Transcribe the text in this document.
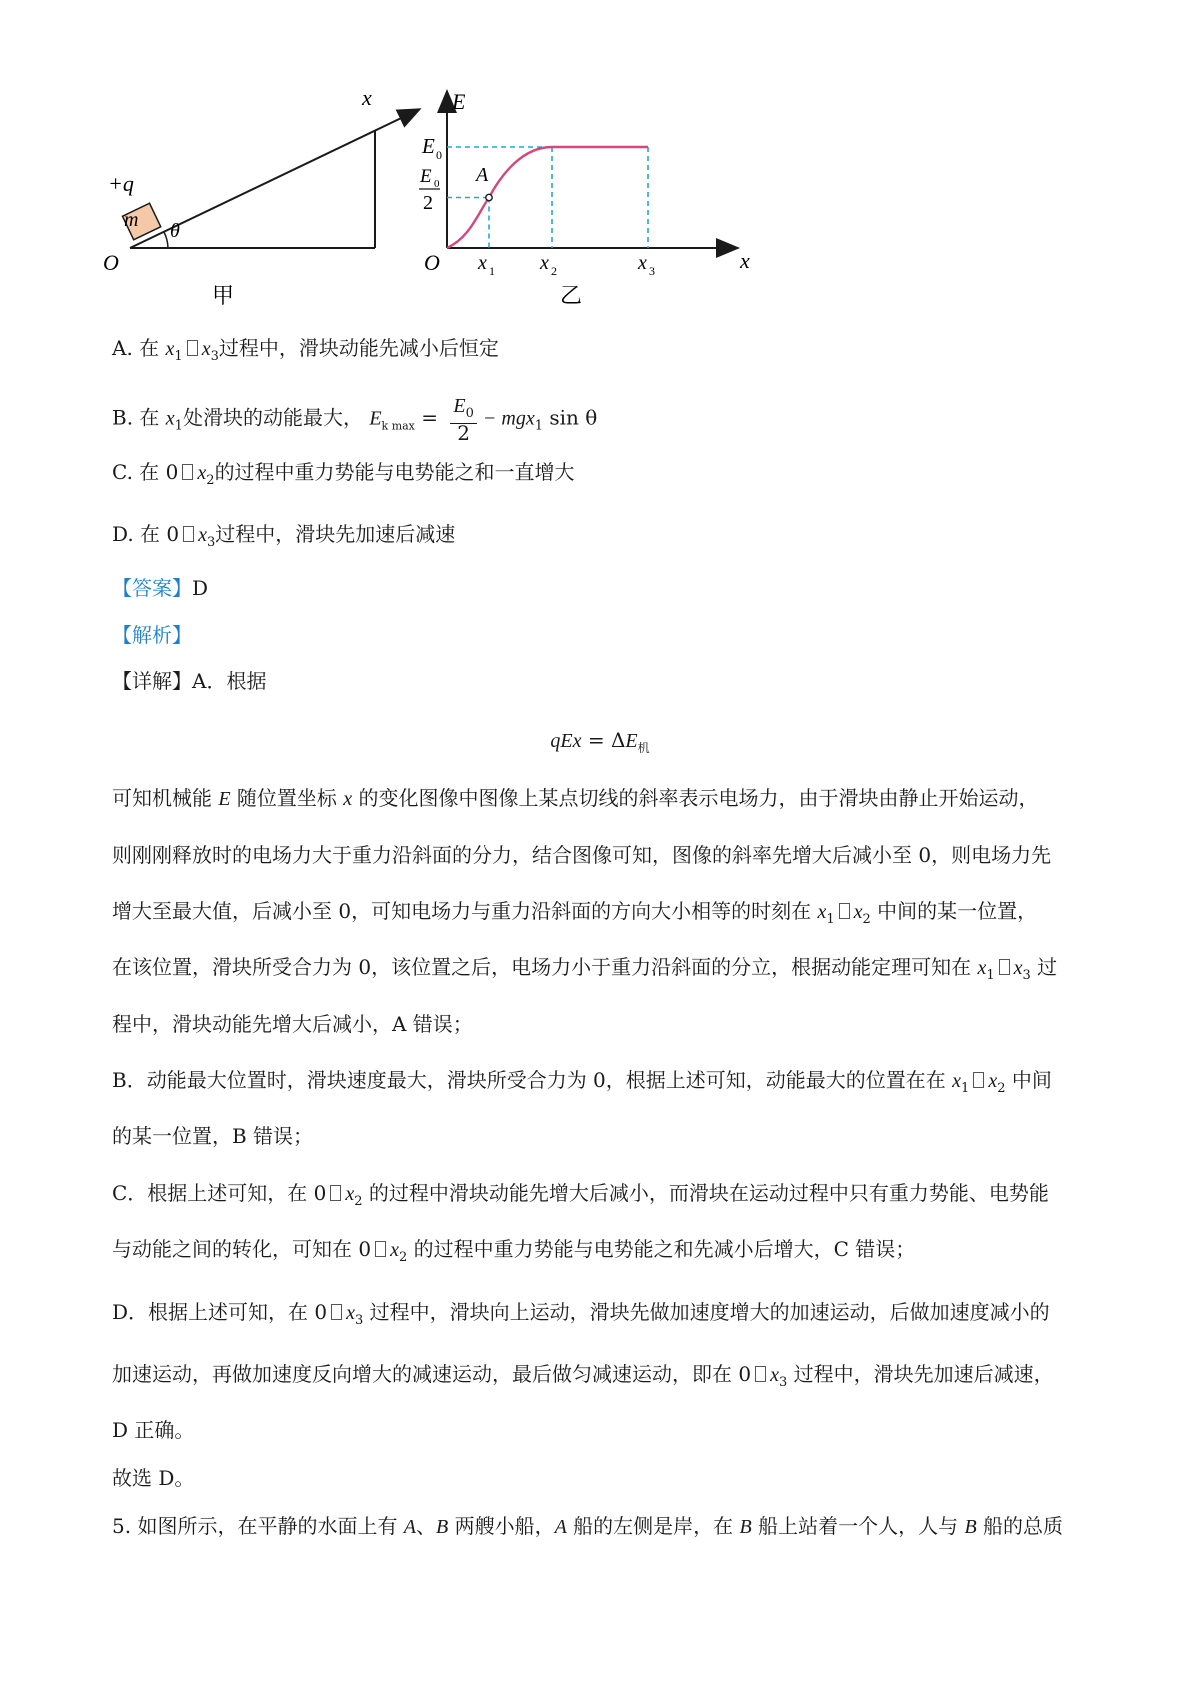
m
+q
θ
O
x
甲
E
E 0
E 0
2
A
O x 1 x 2	x 3	x
乙
A. 在 $x_1$ $x_3$过程中，滑块动能先减小后恒定
B. 在 $x_1$处滑块的动能最大， $E_{k max} = \frac{E_0}{2} - mgx_1$ sin θ
C. 在 0 $x_2$的过程中重力势能与电势能之和一直增大
D. 在 0 $x_3$过程中，滑块先加速后减速
【答案】D
【解析】
【详解】A．根据
qEx = $\Delta E_机$
可知机械能 E 随位置坐标 x 的变化图像中图像上某点切线的斜率表示电场力，由于滑块由静止开始运动，
则刚刚释放时的电场力大于重力沿斜面的分力，结合图像可知，图像的斜率先增大后减小至 0，则电场力先
增大至最大值，后减小至 0，可知电场力与重力沿斜面的方向大小相等的时刻在 $x_1$ $x_2$ 中间的某一位置，
在该位置，滑块所受合力为 0，该位置之后，电场力小于重力沿斜面的分立，根据动能定理可知在 $x_1$ $x_3$ 过
程中，滑块动能先增大后减小，A 错误；
B．动能最大位置时，滑块速度最大，滑块所受合力为 0，根据上述可知，动能最大的位置在在 $x_1$ $x_2$ 中间
的某一位置，B 错误；
C．根据上述可知，在 0 $x_2$ 的过程中滑块动能先增大后减小，而滑块在运动过程中只有重力势能、电势能
与动能之间的转化，可知在 0 $x_2$ 的过程中重力势能与电势能之和先减小后增大，C 错误；
D．根据上述可知，在 0 $x_3$ 过程中，滑块向上运动，滑块先做加速度增大的加速运动，后做加速度减小的
加速运动，再做加速度反向增大的减速运动，最后做匀减速运动，即在 0 $x_3$ 过程中，滑块先加速后减速，
D 正确。
故选 D。
5. 如图所示，在平静的水面上有 A、B 两艘小船，A 船的左侧是岸，在 B 船上站着一个人，人与 B 船的总质
